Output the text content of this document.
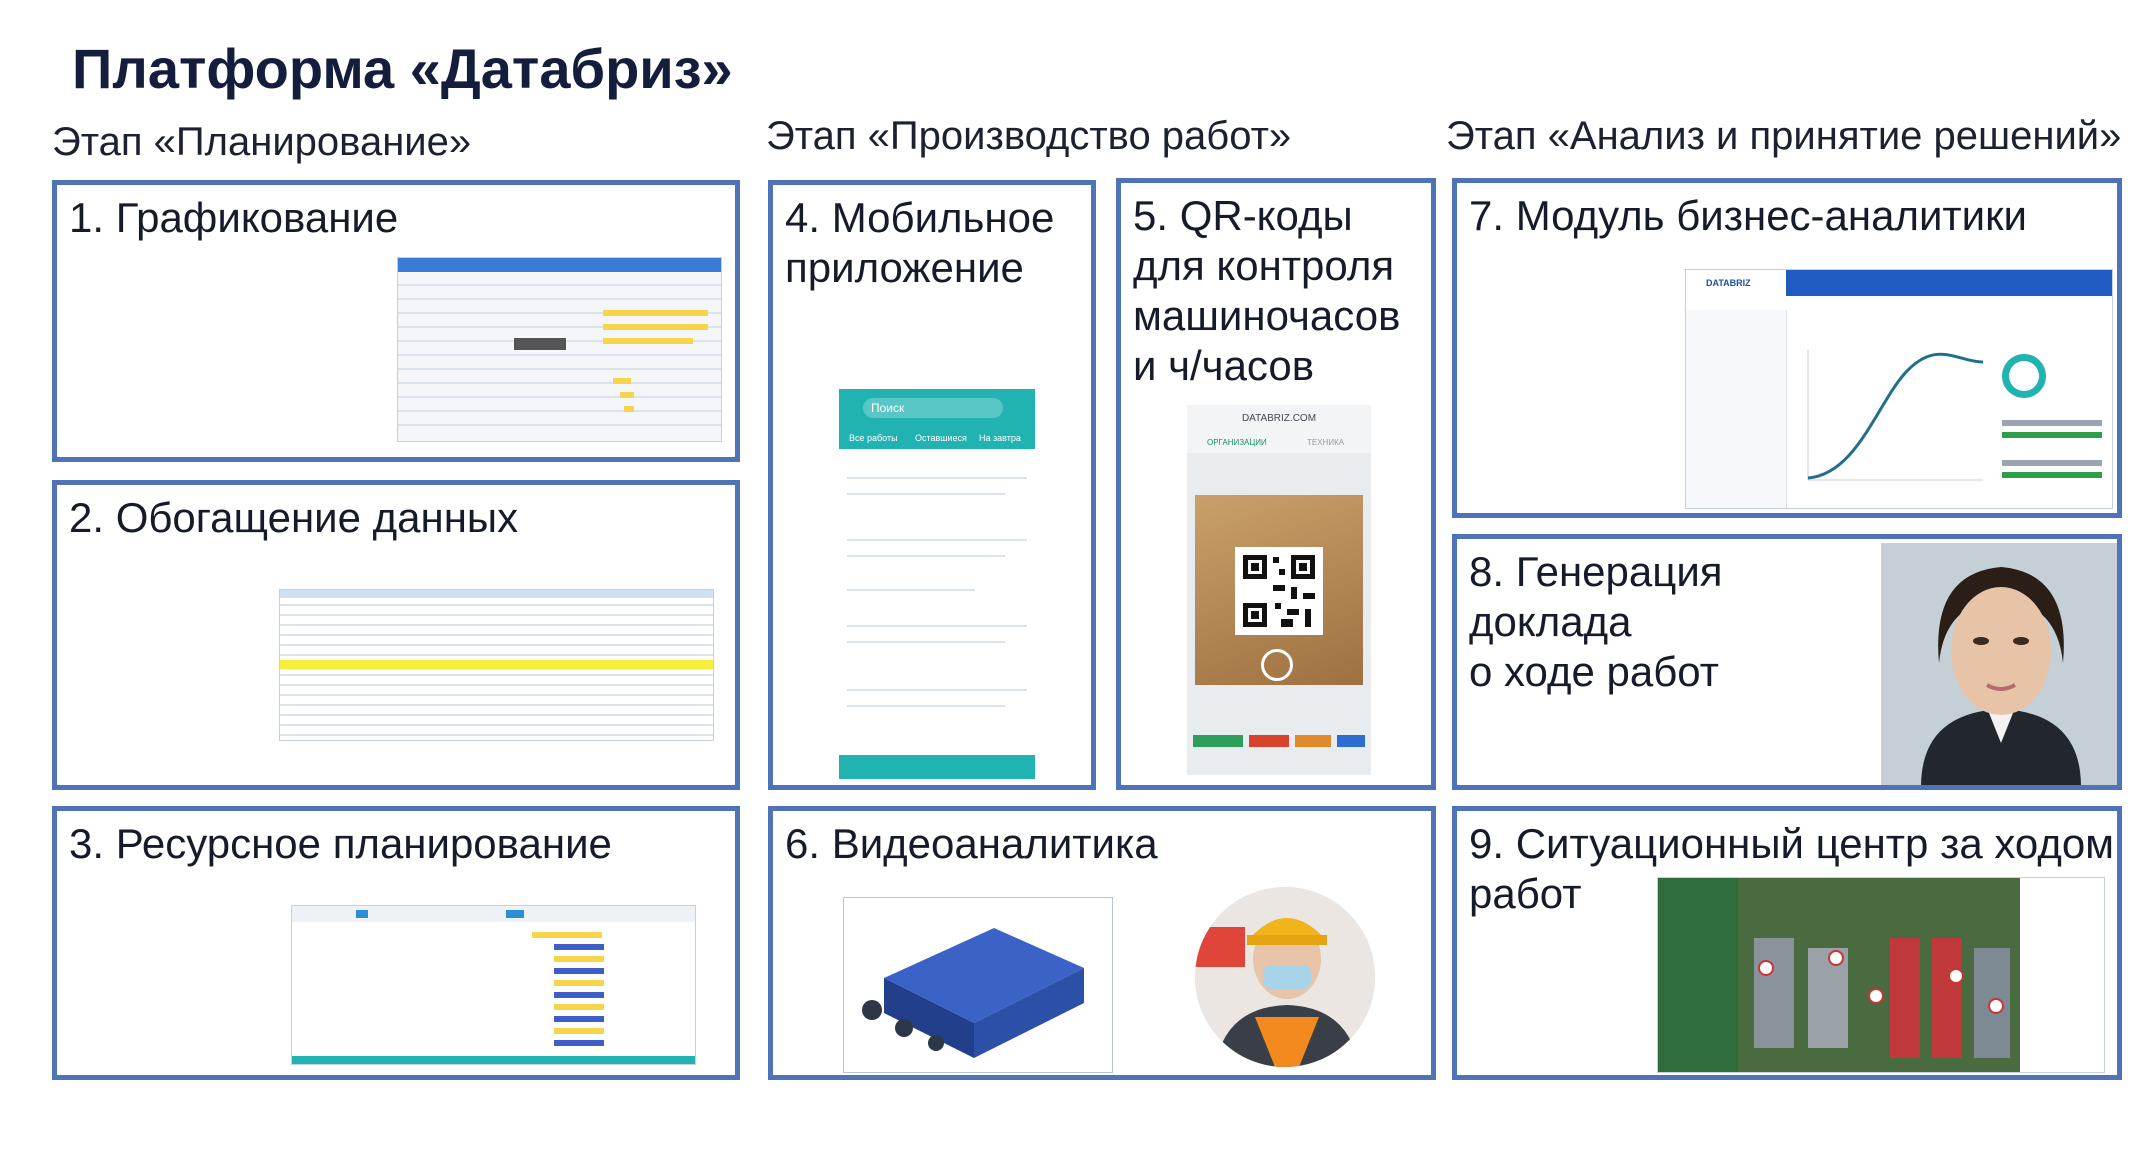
Платформа «Датабриз»
Этап «Планирование»	Этап «Производство работ»	Этап «Анализ и принятие решений»
1. Графикование
2. Обогащение данных
3. Ресурсное планирование
4. Мобильное
приложение
Поиск
Все работы Оставшиеся На завтра
5. QR-коды
для контроля
машиночасов
и ч/часов
DATABRIZ.COM
ОРГАНИЗАЦИИ	ТЕХНИКА
6. Видеоаналитика
7. Модуль бизнес-аналитики
DATABRIZ
8. Генерация
доклада
о ходе работ
9. Ситуационный центр за ходом
работ
